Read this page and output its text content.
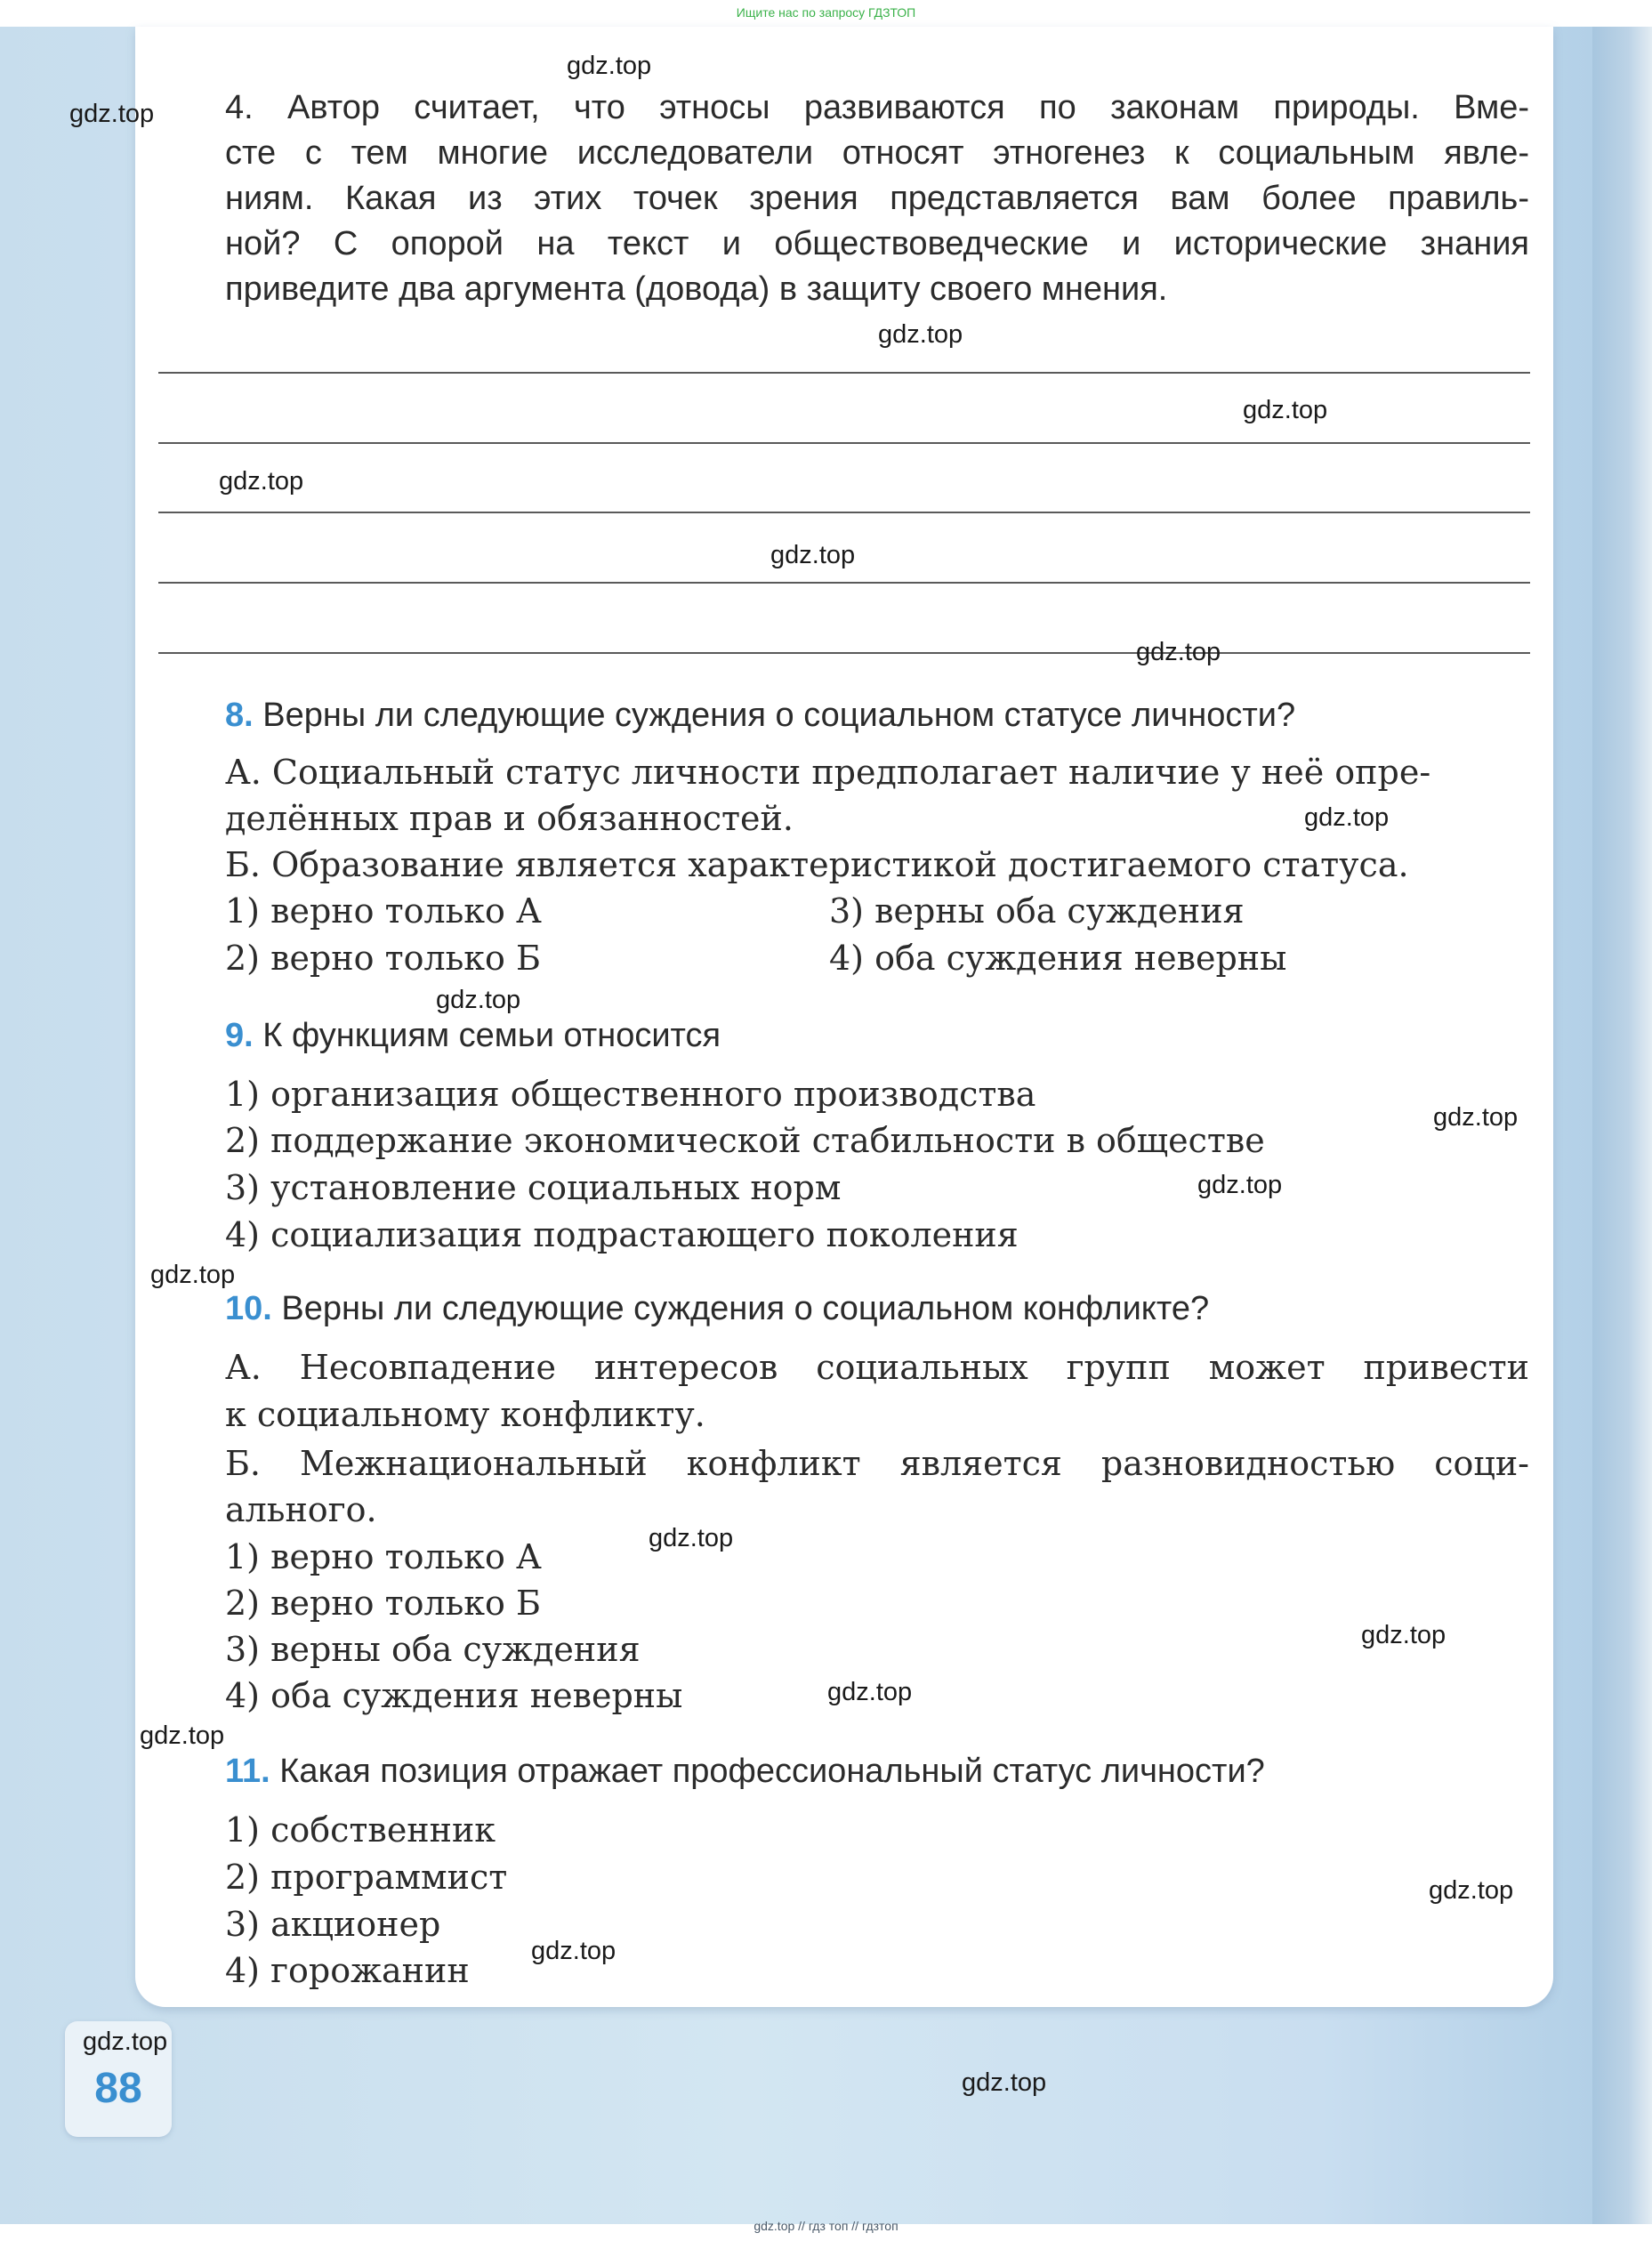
Ищите нас по запросу ГДЗТОП
4. Автор считает, что этносы развиваются по законам природы. Вме-
сте с тем многие исследователи относят этногенез к социальным явле-
ниям. Какая из этих точек зрения представляется вам более правиль-
ной? С опорой на текст и обществоведческие и исторические знания
приведите два аргумента (довода) в защиту своего мнения.
8. Верны ли следующие суждения о социальном статусе личности?
А. Социальный статус личности предполагает наличие у неё опре-
делённых прав и обязанностей.
Б. Образование является характеристикой достигаемого статуса.
1) верно только А	3) верны оба суждения
2) верно только Б	4) оба суждения неверны
9. К функциям семьи относится
1) организация общественного производства
2) поддержание экономической стабильности в обществе
3) установление социальных норм
4) социализация подрастающего поколения
10. Верны ли следующие суждения о социальном конфликте?
А. Несовпадение интересов социальных групп может привести
к социальному конфликту.
Б. Межнациональный конфликт является разновидностью соци-
ального.
1) верно только А
2) верно только Б
3) верны оба суждения
4) оба суждения неверны
11. Какая позиция отражает профессиональный статус личности?
1) собственник
2) программист
3) акционер
4) горожанин
88
gdz.top
gdz.top
gdz.top
gdz.top
gdz.top
gdz.top
gdz.top
gdz.top
gdz.top
gdz.top
gdz.top
gdz.top
gdz.top
gdz.top
gdz.top
gdz.top
gdz.top
gdz.top
gdz.top
gdz.top
gdz.top // гдз топ // гдзтоп
